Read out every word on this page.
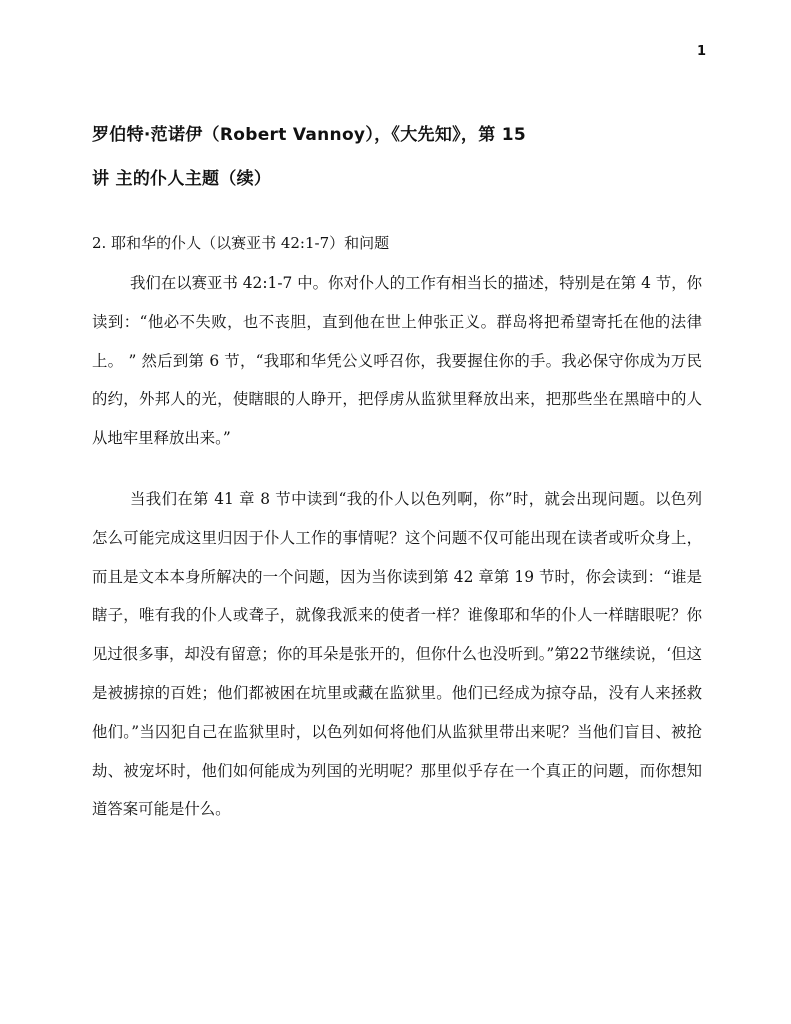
1
罗伯特·范诺伊（Robert Vannoy），《大先知》，第 15
讲 主的仆人主题（续）
2. 耶和华的仆人（以赛亚书 42:1-7）和问题

我们在以赛亚书 42:1-7 中。你对仆人的工作有相当长的描述，特别是在第 4 节，你读到：“他必不失败，也不丧胆，直到他在世上伸张正义。群岛将把希望寄托在他的法律上。 ” 然后到第 6 节，“我耶和华凭公义呼召你，我要握住你的手。我必保守你成为万民的约，外邦人的光，使瞎眼的人睁开，把俘虏从监狱里释放出来，把那些坐在黑暗中的人从地牢里释放出来。”

当我们在第 41 章 8 节中读到“我的仆人以色列啊，你”时，就会出现问题。以色列怎么可能完成这里归因于仆人工作的事情呢？这个问题不仅可能出现在读者或听众身上，而且是文本本身所解决的一个问题，因为当你读到第 42 章第 19 节时，你会读到：“谁是瞎子，唯有我的仆人或聋子，就像我派来的使者一样？谁像耶和华的仆人一样瞎眼呢？你见过很多事，却没有留意；你的耳朵是张开的，但你什么也没听到。”第22节继续说，‘但这是被掳掠的百姓；他们都被困在坑里或藏在监狱里。他们已经成为掠夺品，没有人来拯救他们。”当囚犯自己在监狱里时，以色列如何将他们从监狱里带出来呢？当他们盲目、被抢劫、被宠坏时，他们如何能成为列国的光明呢？那里似乎存在一个真正的问题，而你想知道答案可能是什么。
